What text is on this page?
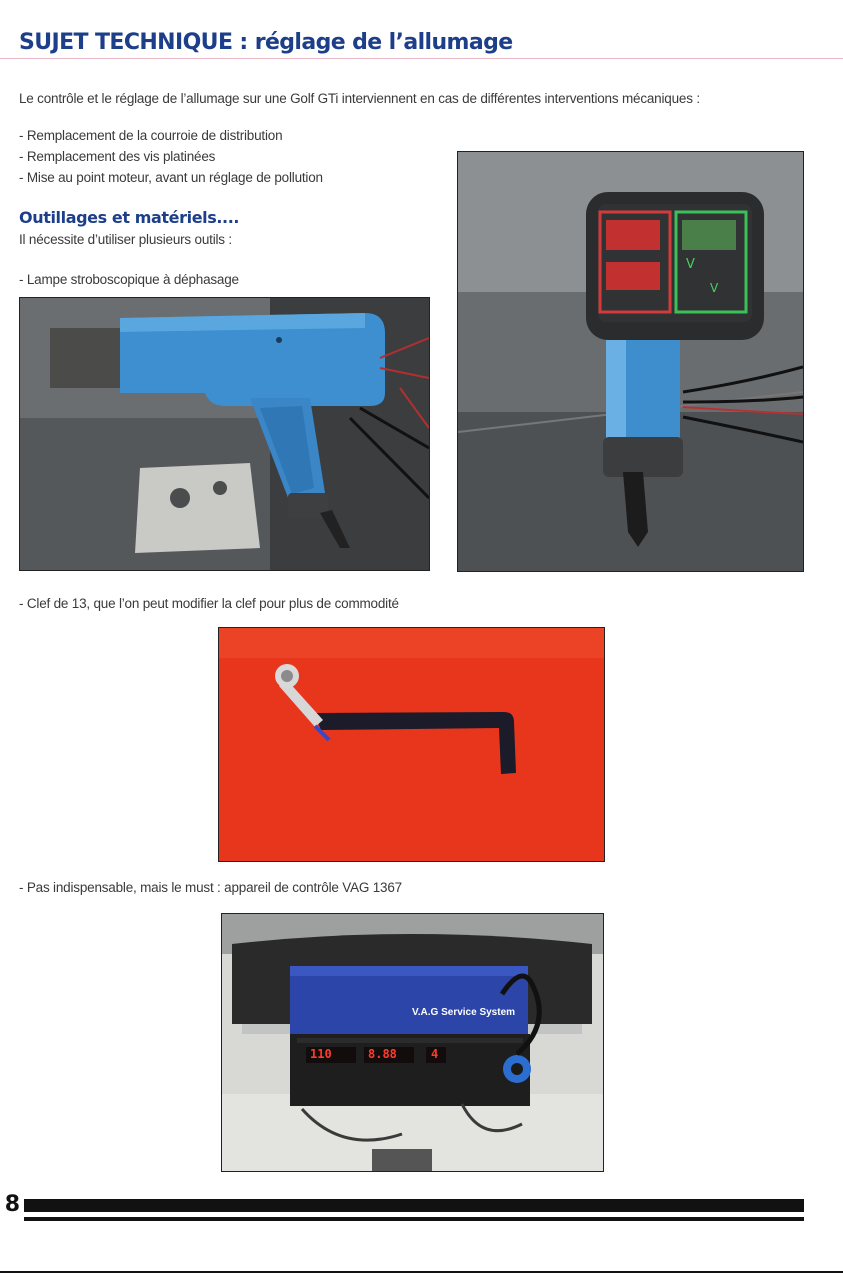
SUJET TECHNIQUE : réglage de l’allumage
Le contrôle et le réglage de l’allumage sur une Golf GTi interviennent en cas de différentes interventions mécaniques :
- Remplacement de la courroie de distribution
- Remplacement des vis platinées
- Mise au point moteur, avant un réglage de pollution
Outillages et matériels....
Il nécessite d’utiliser plusieurs outils :
- Lampe stroboscopique à déphasage
V
V
- Clef de 13, que l’on peut modifier la clef pour plus de commodité
- Pas indispensable, mais le must : appareil de contrôle VAG 1367
V.A.G Service System
110	8.88	4
8
